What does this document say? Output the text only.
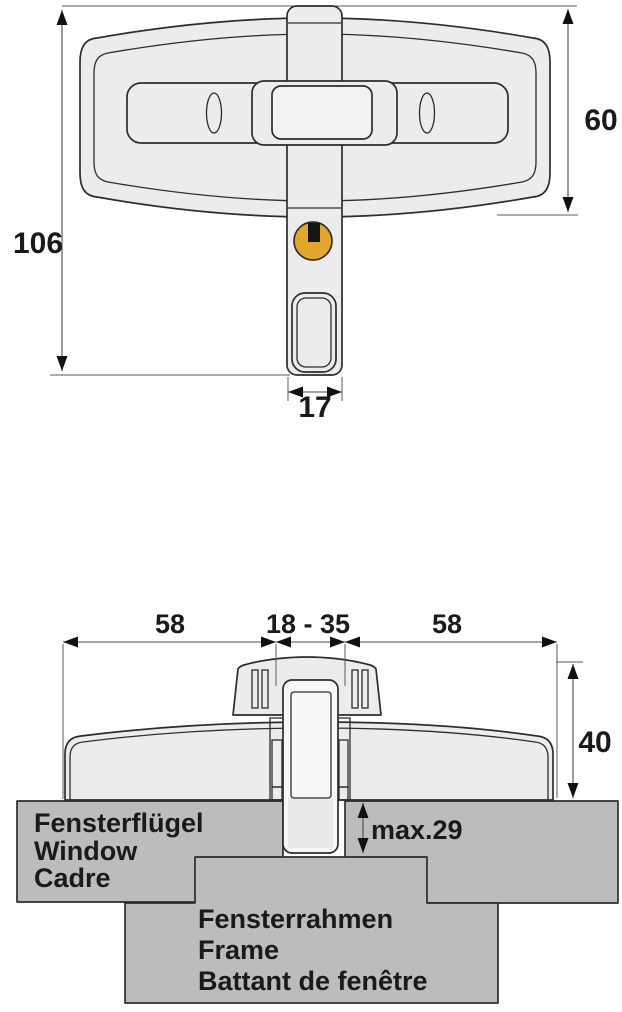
106
60
17
58	18 - 35	58
40
max.29
Fensterflügel
Window
Cadre
Fensterrahmen
Frame
Battant de fenêtre
